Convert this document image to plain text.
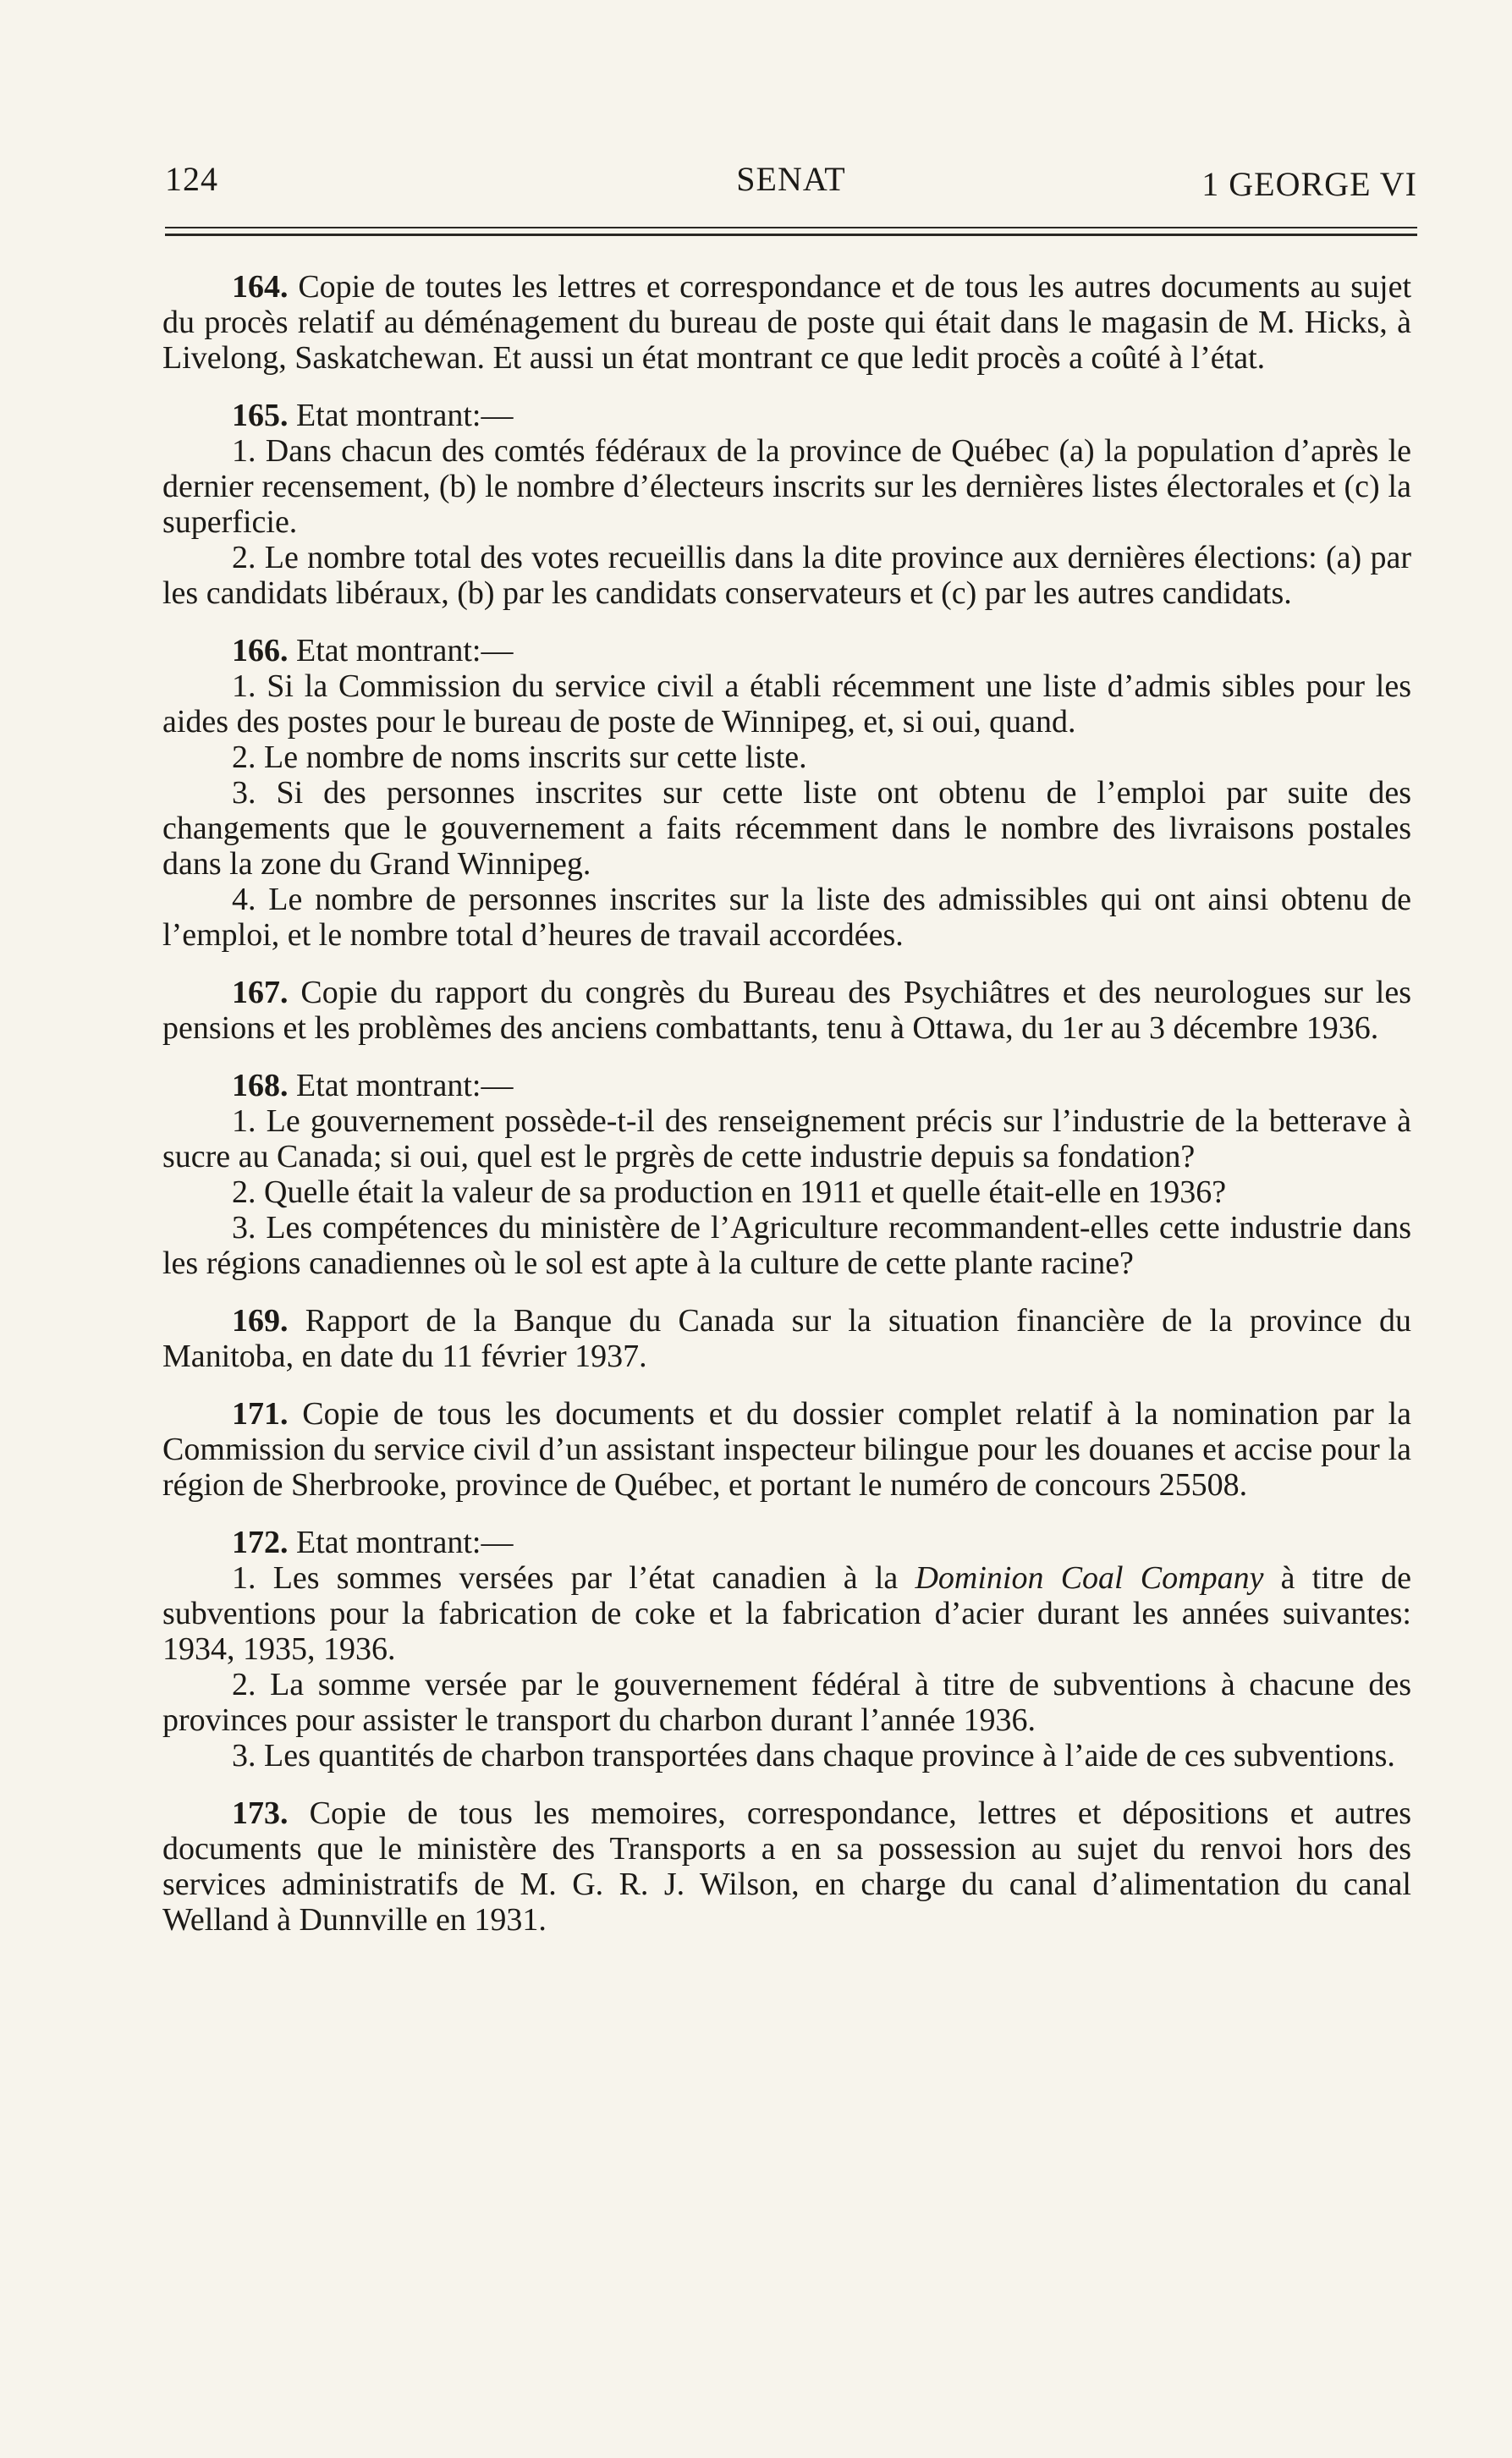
124	SENAT	1 GEORGE VI

164. Copie de toutes les lettres et correspondance et de tous les autres documents au sujet du procès relatif au déménagement du bureau de poste qui était dans le magasin de M. Hicks, à Livelong, Saskatchewan. Et aussi un état montrant ce que ledit procès a coûté à l’état.

165. Etat montrant:—

1. Dans chacun des comtés fédéraux de la province de Québec (a) la population d’après le dernier recensement, (b) le nombre d’électeurs inscrits sur les dernières listes électorales et (c) la superficie.

2. Le nombre total des votes recueillis dans la dite province aux dernières élections: (a) par les candidats libéraux, (b) par les candidats conservateurs et (c) par les autres candidats.

166. Etat montrant:—

1. Si la Commission du service civil a établi récemment une liste d’admis sibles pour les aides des postes pour le bureau de poste de Winnipeg, et, si oui, quand.

2. Le nombre de noms inscrits sur cette liste.

3. Si des personnes inscrites sur cette liste ont obtenu de l’emploi par suite des changements que le gouvernement a faits récemment dans le nombre des livraisons postales dans la zone du Grand Winnipeg.

4. Le nombre de personnes inscrites sur la liste des admissibles qui ont ainsi obtenu de l’emploi, et le nombre total d’heures de travail accordées.

167. Copie du rapport du congrès du Bureau des Psychiâtres et des neurologues sur les pensions et les problèmes des anciens combattants, tenu à Ottawa, du 1er au 3 décembre 1936.

168. Etat montrant:—

1. Le gouvernement possède-t-il des renseignement précis sur l’industrie de la betterave à sucre au Canada; si oui, quel est le prgrès de cette industrie depuis sa fondation?

2. Quelle était la valeur de sa production en 1911 et quelle était-elle en 1936?

3. Les compétences du ministère de l’Agriculture recommandent-elles cette industrie dans les régions canadiennes où le sol est apte à la culture de cette plante racine?

169. Rapport de la Banque du Canada sur la situation financière de la province du Manitoba, en date du 11 février 1937.

171. Copie de tous les documents et du dossier complet relatif à la nomination par la Commission du service civil d’un assistant inspecteur bilingue pour les douanes et accise pour la région de Sherbrooke, province de Québec, et portant le numéro de concours 25508.

172. Etat montrant:—

1. Les sommes versées par l’état canadien à la Dominion Coal Company à titre de subventions pour la fabrication de coke et la fabrication d’acier durant les années suivantes: 1934, 1935, 1936.

2. La somme versée par le gouvernement fédéral à titre de subventions à chacune des provinces pour assister le transport du charbon durant l’année 1936.

3. Les quantités de charbon transportées dans chaque province à l’aide de ces subventions.

173. Copie de tous les memoires, correspondance, lettres et dépositions et autres documents que le ministère des Transports a en sa possession au sujet du renvoi hors des services administratifs de M. G. R. J. Wilson, en charge du canal d’alimentation du canal Welland à Dunnville en 1931.
